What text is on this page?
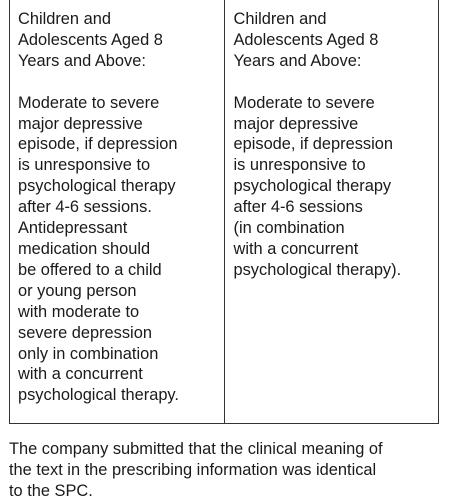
Children and
Adolescents Aged 8
Years and Above:

Moderate to severe
major depressive
episode, if depression
is unresponsive to
psychological therapy
after 4-6 sessions.
Antidepressant
medication should
be offered to a child
or young person
with moderate to
severe depression
only in combination
with a concurrent
psychological therapy.

Children and
Adolescents Aged 8
Years and Above:

Moderate to severe
major depressive
episode, if depression
is unresponsive to
psychological therapy
after 4-6 sessions
(in combination
with a concurrent
psychological therapy).

The company submitted that the clinical meaning of
the text in the prescribing information was identical
to the SPC.
